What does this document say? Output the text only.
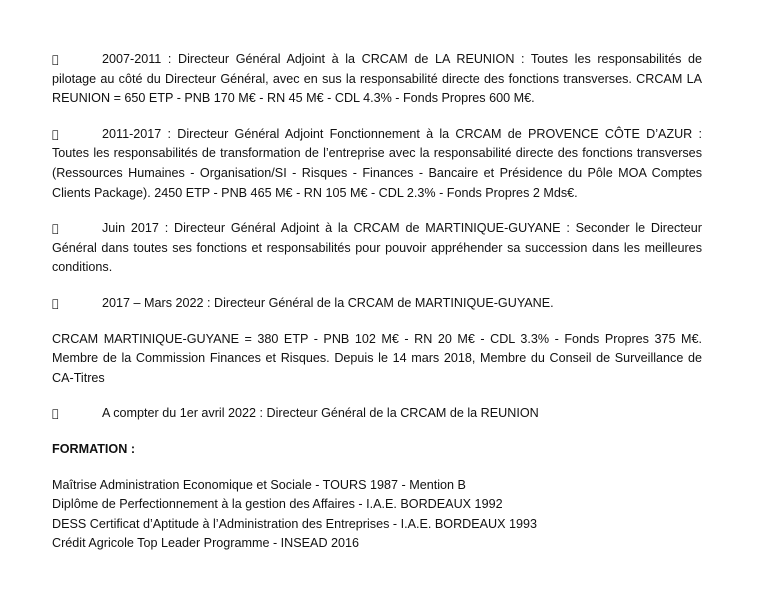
2007-2011 : Directeur Général Adjoint à la CRCAM de LA REUNION : Toutes les responsabilités de pilotage au côté du Directeur Général, avec en sus la responsabilité directe des fonctions transverses. CRCAM LA REUNION = 650 ETP - PNB 170 M€ - RN 45 M€ - CDL 4.3% - Fonds Propres 600 M€.

2011-2017 : Directeur Général Adjoint Fonctionnement à la CRCAM de PROVENCE CÔTE D’AZUR : Toutes les responsabilités de transformation de l’entreprise avec la responsabilité directe des fonctions transverses (Ressources Humaines - Organisation/SI - Risques - Finances - Bancaire et Présidence du Pôle MOA Comptes Clients Package). 2450 ETP - PNB 465 M€ - RN 105 M€ - CDL 2.3% - Fonds Propres 2 Mds€.

Juin 2017 : Directeur Général Adjoint à la CRCAM de MARTINIQUE-GUYANE : Seconder le Directeur Général dans toutes ses fonctions et responsabilités pour pouvoir appréhender sa succession dans les meilleures conditions.

2017 – Mars 2022 : Directeur Général de la CRCAM de MARTINIQUE-GUYANE.

CRCAM MARTINIQUE-GUYANE = 380 ETP - PNB 102 M€ - RN 20 M€ - CDL 3.3% - Fonds Propres 375 M€. Membre de la Commission Finances et Risques. Depuis le 14 mars 2018, Membre du Conseil de Surveillance de CA-Titres

A compter du 1er avril 2022 : Directeur Général de la CRCAM de la REUNION

FORMATION :

Maîtrise Administration Economique et Sociale - TOURS 1987 - Mention B

Diplôme de Perfectionnement à la gestion des Affaires - I.A.E. BORDEAUX 1992

DESS Certificat d’Aptitude à l’Administration des Entreprises - I.A.E. BORDEAUX 1993

Crédit Agricole Top Leader Programme - INSEAD 2016
